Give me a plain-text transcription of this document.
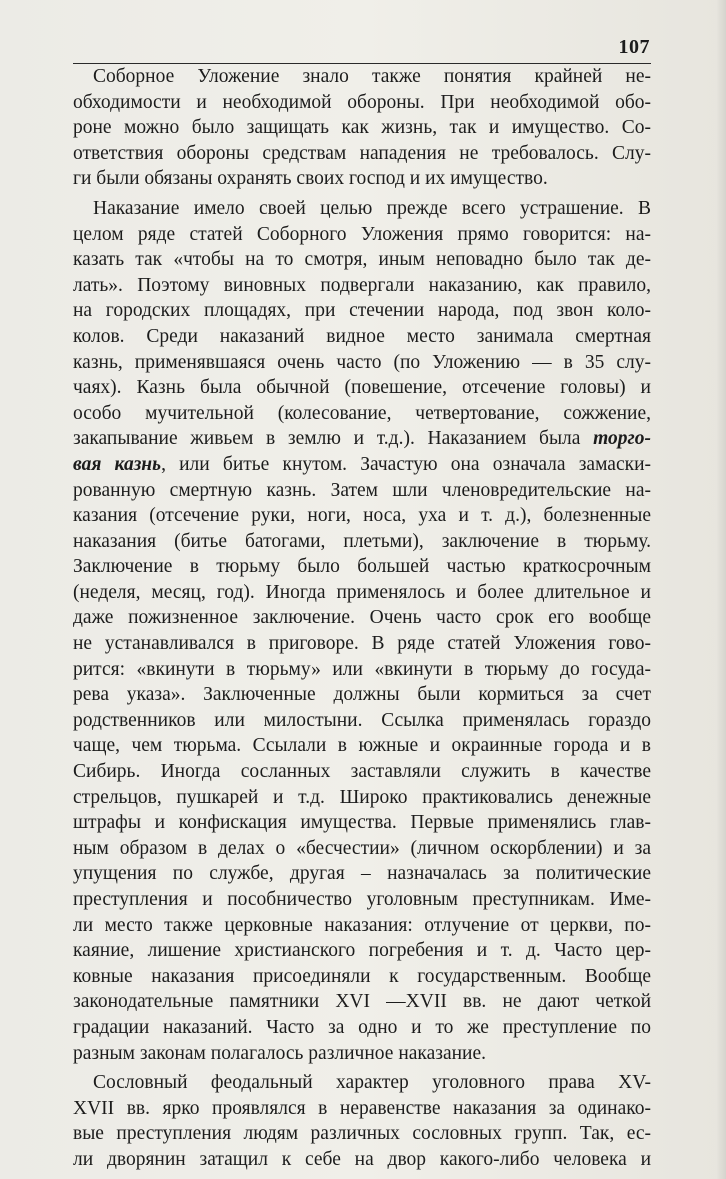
107
Соборное Уложение знало также понятия крайней не-
обходимости и необходимой обороны. При необходимой обо-
роне можно было защищать как жизнь, так и имущество. Со-
ответствия обороны средствам нападения не требовалось. Слу-
ги были обязаны охранять своих господ и их имущество.
Наказание имело своей целью прежде всего устрашение. В
целом ряде статей Соборного Уложения прямо говорится: на-
казать так «чтобы на то смотря, иным неповадно было так де-
лать». Поэтому виновных подвергали наказанию, как правило,
на городских площадях, при стечении народа, под звон коло-
колов. Среди наказаний видное место занимала смертная
казнь, применявшаяся очень часто (по Уложению — в 35 слу-
чаях). Казнь была обычной (повешение, отсечение головы) и
особо мучительной (колесование, четвертование, сожжение,
закапывание живьем в землю и т.д.). Наказанием была торго-
вая казнь, или битье кнутом. Зачастую она означала замаски-
рованную смертную казнь. Затем шли членовредительские на-
казания (отсечение руки, ноги, носа, уха и т. д.), болезненные
наказания (битье батогами, плетьми), заключение в тюрьму.
Заключение в тюрьму было большей частью краткосрочным
(неделя, месяц, год). Иногда применялось и более длительное и
даже пожизненное заключение. Очень часто срок его вообще
не устанавливался в приговоре. В ряде статей Уложения гово-
рится: «вкинути в тюрьму» или «вкинути в тюрьму до госуда-
рева указа». Заключенные должны были кормиться за счет
родственников или милостыни. Ссылка применялась гораздо
чаще, чем тюрьма. Ссылали в южные и окраинные города и в
Сибирь. Иногда сосланных заставляли служить в качестве
стрельцов, пушкарей и т.д. Широко практиковались денежные
штрафы и конфискация имущества. Первые применялись глав-
ным образом в делах о «бесчестии» (личном оскорблении) и за
упущения по службе, другая – назначалась за политические
преступления и пособничество уголовным преступникам. Име-
ли место также церковные наказания: отлучение от церкви, по-
каяние, лишение христианского погребения и т. д. Часто цер-
ковные наказания присоединяли к государственным. Вообще
законодательные памятники XVI —XVII вв. не дают четкой
градации наказаний. Часто за одно и то же преступление по
разным законам полагалось различное наказание.
Сословный феодальный характер уголовного права XV-
XVII вв. ярко проявлялся в неравенстве наказания за одинако-
вые преступления людям различных сословных групп. Так, ес-
ли дворянин затащил к себе на двор какого-либо человека и
